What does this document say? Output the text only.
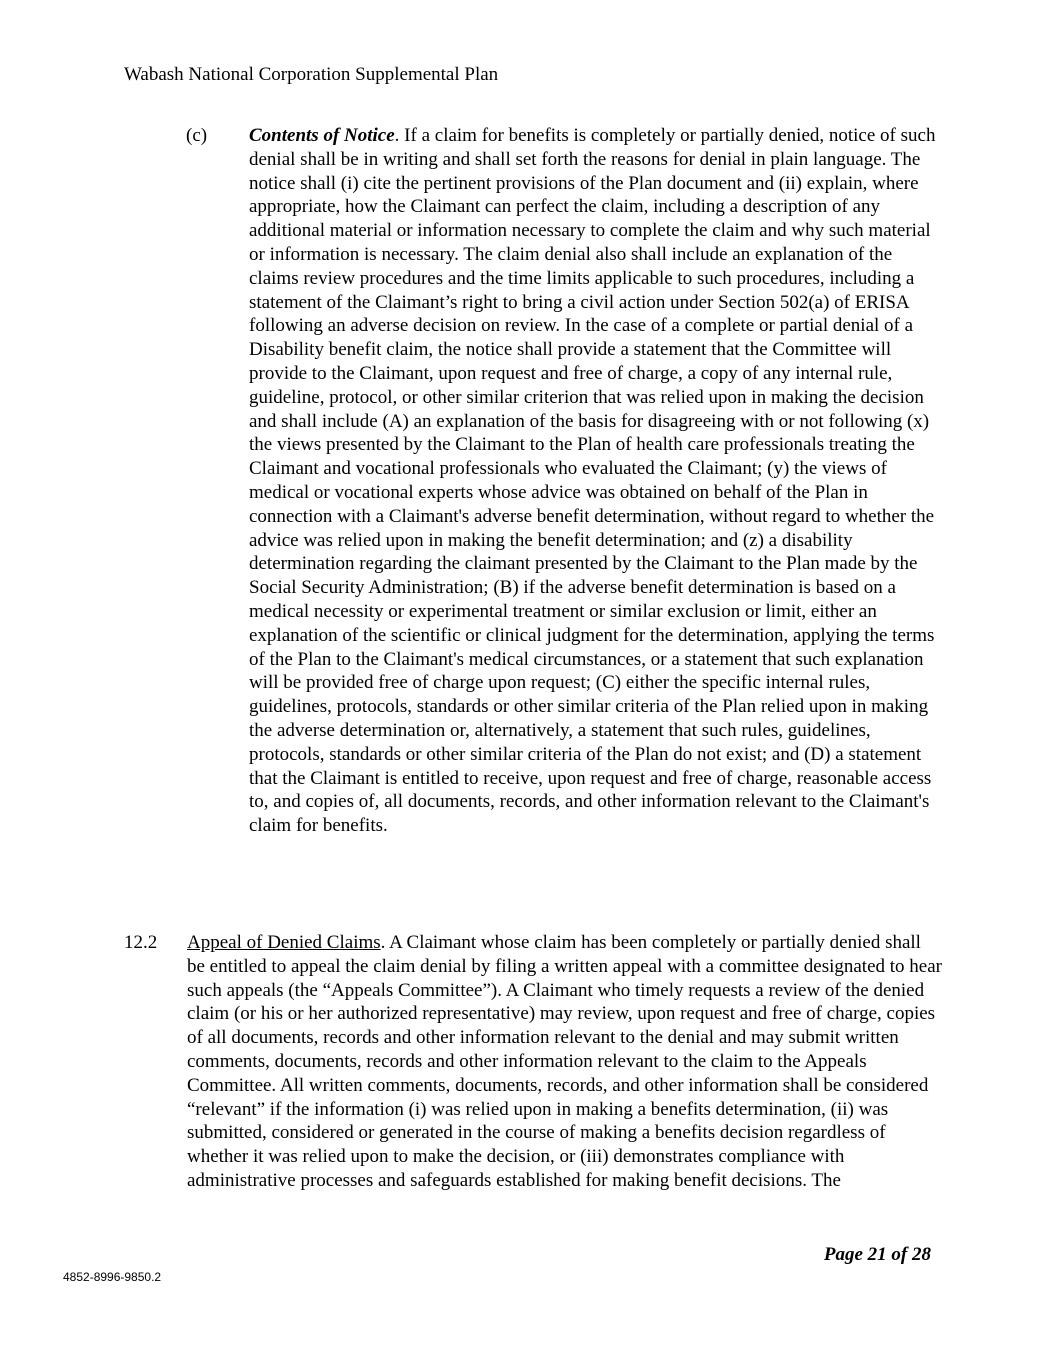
Wabash National Corporation Supplemental Plan
(c) Contents of Notice. If a claim for benefits is completely or partially denied, notice of such denial shall be in writing and shall set forth the reasons for denial in plain language. The notice shall (i) cite the pertinent provisions of the Plan document and (ii) explain, where appropriate, how the Claimant can perfect the claim, including a description of any additional material or information necessary to complete the claim and why such material or information is necessary. The claim denial also shall include an explanation of the claims review procedures and the time limits applicable to such procedures, including a statement of the Claimant’s right to bring a civil action under Section 502(a) of ERISA following an adverse decision on review. In the case of a complete or partial denial of a Disability benefit claim, the notice shall provide a statement that the Committee will provide to the Claimant, upon request and free of charge, a copy of any internal rule, guideline, protocol, or other similar criterion that was relied upon in making the decision and shall include (A) an explanation of the basis for disagreeing with or not following (x) the views presented by the Claimant to the Plan of health care professionals treating the Claimant and vocational professionals who evaluated the Claimant; (y) the views of medical or vocational experts whose advice was obtained on behalf of the Plan in connection with a Claimant's adverse benefit determination, without regard to whether the advice was relied upon in making the benefit determination; and (z) a disability determination regarding the claimant presented by the Claimant to the Plan made by the Social Security Administration; (B) if the adverse benefit determination is based on a medical necessity or experimental treatment or similar exclusion or limit, either an explanation of the scientific or clinical judgment for the determination, applying the terms of the Plan to the Claimant's medical circumstances, or a statement that such explanation will be provided free of charge upon request; (C) either the specific internal rules, guidelines, protocols, standards or other similar criteria of the Plan relied upon in making the adverse determination or, alternatively, a statement that such rules, guidelines, protocols, standards or other similar criteria of the Plan do not exist; and (D) a statement that the Claimant is entitled to receive, upon request and free of charge, reasonable access to, and copies of, all documents, records, and other information relevant to the Claimant's claim for benefits.
12.2 Appeal of Denied Claims. A Claimant whose claim has been completely or partially denied shall be entitled to appeal the claim denial by filing a written appeal with a committee designated to hear such appeals (the “Appeals Committee”). A Claimant who timely requests a review of the denied claim (or his or her authorized representative) may review, upon request and free of charge, copies of all documents, records and other information relevant to the denial and may submit written comments, documents, records and other information relevant to the claim to the Appeals Committee. All written comments, documents, records, and other information shall be considered “relevant” if the information (i) was relied upon in making a benefits determination, (ii) was submitted, considered or generated in the course of making a benefits decision regardless of whether it was relied upon to make the decision, or (iii) demonstrates compliance with administrative processes and safeguards established for making benefit decisions. The
Page 21 of 28
4852-8996-9850.2
